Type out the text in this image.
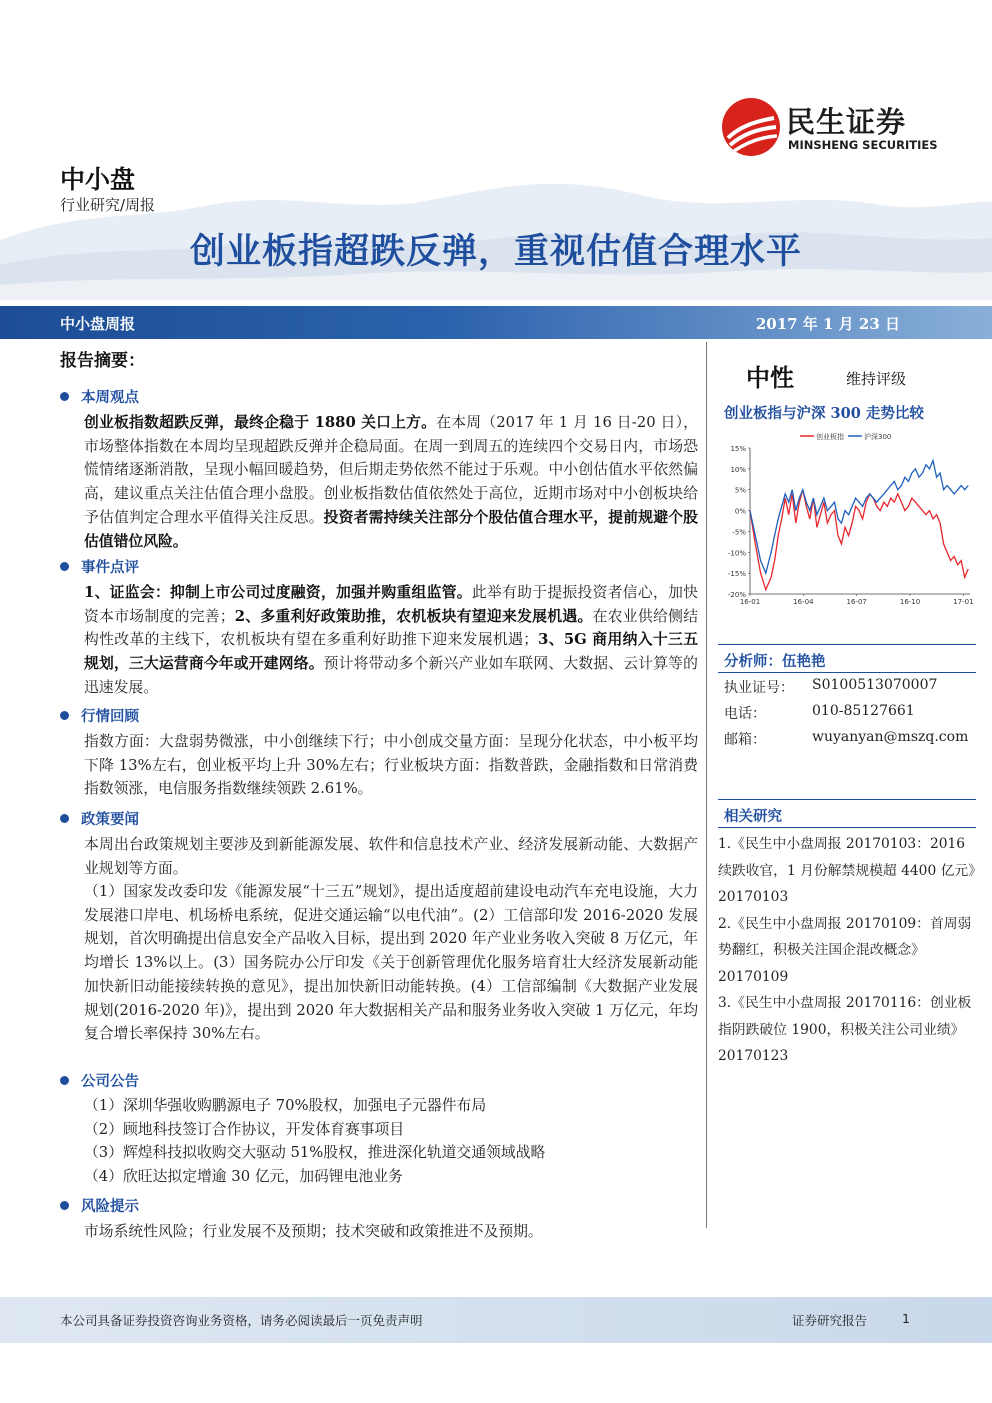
民生证券
MINSHENG SECURITIES
中小盘
行业研究/周报
创业板指超跌反弹，重视估值合理水平
中小盘周报	2017 年 1 月 23 日
报告摘要：
本周观点
创业板指数超跌反弹，最终企稳于 1880 关口上方。在本周（2017 年 1 月 16 日-20 日），市场整体指数在本周均呈现超跌反弹并企稳局面。在周一到周五的连续四个交易日内，市场恐慌情绪逐渐消散，呈现小幅回暖趋势，但后期走势依然不能过于乐观。中小创估值水平依然偏高，建议重点关注估值合理小盘股。创业板指数估值依然处于高位，近期市场对中小创板块给予估值判定合理水平值得关注反思。投资者需持续关注部分个股估值合理水平，提前规避个股估值错位风险。
事件点评
1、证监会：抑制上市公司过度融资，加强并购重组监管。此举有助于提振投资者信心，加快资本市场制度的完善；2、多重利好政策助推，农机板块有望迎来发展机遇。在农业供给侧结构性改革的主线下，农机板块有望在多重利好助推下迎来发展机遇；3、5G 商用纳入十三五规划，三大运营商今年或开建网络。预计将带动多个新兴产业如车联网、大数据、云计算等的迅速发展。
行情回顾
指数方面：大盘弱势微涨，中小创继续下行；中小创成交量方面：呈现分化状态，中小板平均下降 13%左右，创业板平均上升 30%左右；行业板块方面：指数普跌，金融指数和日常消费指数领涨，电信服务指数继续领跌 2.61%。
政策要闻
本周出台政策规划主要涉及到新能源发展、软件和信息技术产业、经济发展新动能、大数据产业规划等方面。
（1）国家发改委印发《能源发展“十三五”规划》，提出适度超前建设电动汽车充电设施，大力发展港口岸电、机场桥电系统，促进交通运输“以电代油”。(2）工信部印发 2016-2020 发展规划，首次明确提出信息安全产品收入目标，提出到 2020 年产业业务收入突破 8 万亿元，年均增长 13%以上。(3）国务院办公厅印发《关于创新管理优化服务培育壮大经济发展新动能加快新旧动能接续转换的意见》，提出加快新旧动能转换。(4）工信部编制《大数据产业发展规划(2016-2020 年)》，提出到 2020 年大数据相关产品和服务业务收入突破 1 万亿元，年均复合增长率保持 30%左右。
公司公告
（1）深圳华强收购鹏源电子 70%股权，加强电子元器件布局
（2）顾地科技签订合作协议，开发体育赛事项目
（3）辉煌科技拟收购交大驱动 51%股权，推进深化轨道交通领域战略
（4）欣旺达拟定增逾 30 亿元，加码锂电池业务
风险提示
市场系统性风险；行业发展不及预期；技术突破和政策推进不及预期。
中性	维持评级
创业板指与沪深 300 走势比较
15%
10%
5%
0%
-5%
-10%
-15%
-20%
16-01	16-04	16-07	16-10	17-01
创业板指	沪深300
分析师：伍艳艳
执业证号： S0100513070007
电话：	010-85127661
邮箱：	wuyanyan@mszq.com
相关研究
1.《民生中小盘周报 20170103：2016 续跌收官，1 月份解禁规模超 4400 亿元》20170103
2.《民生中小盘周报 20170109：首周弱势翻红，积极关注国企混改概念》20170109
3.《民生中小盘周报 20170116：创业板指阴跌破位 1900，积极关注公司业绩》20170123
本公司具备证券投资咨询业务资格，请务必阅读最后一页免责声明	证券研究报告	1
